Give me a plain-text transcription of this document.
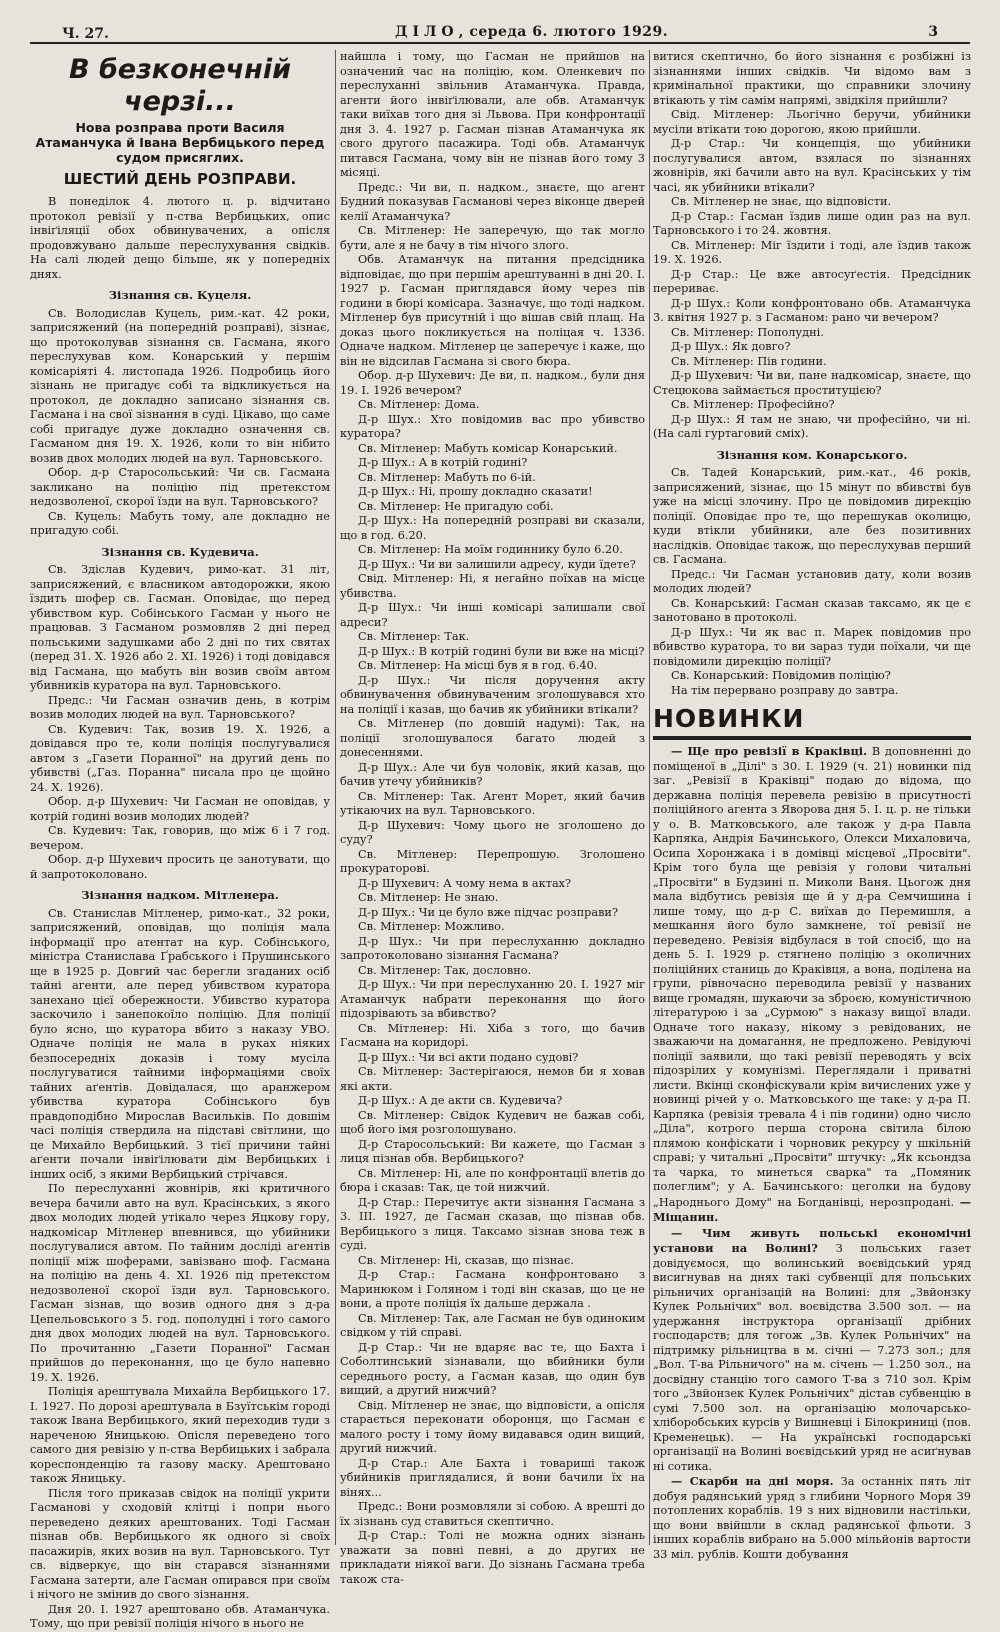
Ч. 27.	ДІЛО, середа 6. лютого 1929.	3
В безконечній черзі...
Нова розправа проти Василя Атаманчука й Івана Вербицького перед судом присяглих.
ШЕСТИЙ ДЕНЬ РОЗПРАВИ.

В понеділок 4. лютого ц. р. відчитано протокол ревізії у п-ства Вербицьких, опис інвіґіляції обох обвинувачених, а опісля продовжувано дальше переслухування свідків. На салі людей дещо більше, як у попередніх днях.

Зізнання св. Куцеля.

Св. Володислав Куцель, рим.-кат. 42 роки, заприсяжений (на попередній розправі), зізнає, що протоколував зізнання св. Гасмана, якого переслухував ком. Конарський у першім комісаріяті 4. листопада 1926. Подробиць його зізнань не пригадує собі та відкликується на протокол, де докладно записано зізнання св. Гасмана і на свої зізнання в суді. Цікаво, що саме собі пригадує дуже докладно означення св. Гасманом дня 19. X. 1926, коли то він нібито возив двох молодих людей на вул. Тарновського.

Обор. д-р Старосольський: Чи св. Гасмана закликано на поліцію під претекстом недозволеної, скорої їзди на вул. Тарновського?

Св. Куцель: Мабуть тому, але докладно не пригадую собі.

Зізнання св. Кудевича.

Св. Здіслав Кудевич, римо-кат. 31 літ, заприсяжений, є власником автодорожки, якою їздить шофер св. Гасман. Оповідає, що перед убивством кур. Собінського Гасман у нього не працював. З Гасманом розмовляв 2 дні перед польськими задушками або 2 дні по тих святах (перед 31. X. 1926 або 2. XI. 1926) і тоді довідався від Гасмана, що мабуть він возив своїм автом убивників куратора на вул. Тарновського.

Предс.: Чи Гасман означив день, в котрім возив молодих людей на вул. Тарновського?

Св. Кудевич: Так, возив 19. X. 1926, а довідався про те, коли поліція послугувалися автом з „Газети Поранної" на другий день по убивстві („Газ. Поранна" писала про це щойно 24. X. 1926).

Обор. д-р Шухевич: Чи Гасман не оповідав, у котрій годині возив молодих людей?

Св. Кудевич: Так, говорив, що між 6 і 7 год. вечером.

Обор. д-р Шухевич просить це занотувати, що й запротоколовано.

Зізнання надком. Мітленера.

Св. Станислав Мітленер, римо-кат., 32 роки, заприсяжений, оповідав, що поліція мала інформації про атентат на кур. Собінського, міністра Станислава Ґрабського і Прушинського ще в 1925 р. Довгий час берегли згаданих осіб тайні агенти, але перед убивством куратора занехано цієї обережности. Убивство куратора заскочило і занепокоїло поліцію. Для поліції було ясно, що куратора вбито з наказу УВО. Одначе поліція не мала в руках ніяких безпосередніх доказів і тому мусіла послугуватися тайними інформаціями своїх тайних аґентів. Довідалася, що аранжером убивства куратора Собінського був правдоподібно Мирослав Васильків. По довшім часі поліція ствердила на підставі світлини, що це Михайло Вербицький. З тієї причини тайні аґенти почали інвіґілювати дім Вербицьких і інших осіб, з якими Вербицький стрічався.

По переслуханні жовнірів, які критичного вечера бачили авто на вул. Красінських, з якого двох молодих людей утікало через Яцкову гору, надкомісар Мітленер впевнився, що убийники послугувалися автом. По тайним досліді агентів поліції між шоферами, завізвано шоф. Гасмана на поліцію на день 4. XI. 1926 під претекстом недозволеної скорої їзди вул. Тарновського. Гасман зізнав, що возив одного дня з д-ра Цепельовського з 5. год. пополудні і того самого дня двох молодих людей на вул. Тарновського. По прочитанню „Газети Поранної" Гасман прийшов до переконання, що це було напевно 19. X. 1926.

Поліція арештувала Михайла Вербицького 17. I. 1927. По дорозі арештувала в Бзуїтськім городі також Івана Вербицького, який переходив туди з нареченою Яницькою. Опісля переведено того самого дня ревізію у п-ства Вербицьких і забрала кореспонденцію та газову маску. Арештовано також Яницьку.

Після того приказав свідок на поліції укрити Гасманові у сходовій клітці і попри нього переведено деяких арештованих. Тоді Гасман пізнав обв. Вербицького як одного зі своїх пасажирів, яких возив на вул. Тарновського. Тут св. відверкує, що він старався зізнаннями Гасмана затерти, але Гасман опирався при своїм і нічого не змінив до свого зізнання.

Дня 20. I. 1927 арештовано обв. Атаманчука. Тому, що при ревізії поліція нічого в нього не

найшла і тому, що Гасман не прийшов на означений час на поліцію, ком. Оленкевич по переслуханні звільнив Атаманчука. Правда, агенти його інвіґілювали, але обв. Атаманчук таки виїхав того дня зі Львова. При конфронтації дня 3. 4. 1927 р. Гасман пізнав Атаманчука як свого другого пасажира. Тоді обв. Атаманчук питався Гасмана, чому він не пізнав його тому 3 місяці.

Предс.: Чи ви, п. надком., знаєте, що агент Будний показував Гасманові через віконце дверей келії Атаманчука?

Св. Мітленер: Не заперечую, що так могло бути, але я не бачу в тім нічого злого.

Обв. Атаманчук на питання предсідника відповідає, що при першім арештуванні в дні 20. I. 1927 р. Гасман приглядався йому через пів години в бюрі комісара. Зазначує, що тоді надком. Мітленер був присутній і що вішав свій плащ. На доказ цього покликується на поліцая ч. 1336. Одначе надком. Мітленер це заперечує і каже, що він не відсилав Гасмана зі свого бюра.

Обор. д-р Шухевич: Де ви, п. надком., були дня 19. I. 1926 вечером?

Св. Мітленер: Дома.

Д-р Шух.: Хто повідомив вас про убивство куратора?

Св. Мітленер: Мабуть комісар Конарський.

Д-р Шух.: А в котрій годині?

Св. Мітленер: Мабуть по 6-ій.

Д-р Шух.: Ні, прошу докладно сказати!

Св. Мітленер: Не пригадую собі.

Д-р Шух.: На попередній розправі ви сказали, що в год. 6.20.

Св. Мітленер: На моїм годиннику було 6.20.

Д-р Шух.: Чи ви залишили адресу, куди їдете?

Свід. Мітленер: Ні, я негайно поїхав на місце убивства.

Д-р Шух.: Чи інші комісарі залишали свої адреси?

Св. Мітленер: Так.

Д-р Шух.: В котрій годині були ви вже на місці?

Св. Мітленер: На місці був я в год. 6.40.

Д-р Шух.: Чи після доручення акту обвинувачення обвинуваченим зголошувався хто на поліції і казав, що бачив як убийники втікали?

Св. Мітленер (по довшій надумі): Так, на поліції зголошувалося багато людей з донесеннями.

Д-р Шух.: Але чи був чоловік, який казав, що бачив утечу убийників?

Св. Мітленер: Так. Агент Морет, який бачив утікаючих на вул. Тарновського.

Д-р Шухевич: Чому цього не зголошено до суду?

Св. Мітленер: Перепрошую. Зголошено прокураторові.

Д-р Шухевич: А чому нема в актах?

Св. Мітленер: Не знаю.

Д-р Шух.: Чи це було вже підчас розправи?

Св. Мітленер: Можливо.

Д-р Шух.: Чи при переслуханню докладно запротоколовано зізнання Гасмана?

Св. Мітленер: Так, дословно.

Д-р Шух.: Чи при переслуханню 20. I. 1927 міг Атаманчук набрати переконання що його підозрівають за вбивство?

Св. Мітленер: Ні. Хіба з того, що бачив Гасмана на коридорі.

Д-р Шух.: Чи всі акти подано судові?

Св. Мітленер: Застерігаюся, немов би я ховав які акти.

Д-р Шух.: А де акти св. Кудевича?

Св. Мітленер: Свідок Кудевич не бажав собі, щоб його імя розголошувано.

Д-р Старосольський: Ви кажете, що Гасман з лиця пізнав обв. Вербицького?

Св. Мітленер: Ні, але по конфронтації влетів до бюра і сказав: Так, це той нижчий.

Д-р Стар.: Перечитує акти зізнання Гасмана з 3. III. 1927, де Гасман сказав, що пізнав обв. Вербицького з лиця. Таксамо зізнав знова теж в суді.

Св. Мітленер: Ні, сказав, що пізнає.

Д-р Стар.: Гасмана конфронтовано з Маринюком і Голяном і тоді він сказав, що це не вони, а проте поліція їх дальше держала .

Св. Мітленер: Так, але Гасман не був одиноким свідком у тій справі.

Д-р Стар.: Чи не вдаряє вас те, що Бахта і Соболтинський зізнавали, що вбийники були середнього росту, а Гасман казав, що один був вищий, а другий нижчий?

Свід. Мітленер не знає, що відповісти, а опісля старається переконати оборонця, що Гасман є малого росту і тому йому видавався один вищий, другий нижчий.

Д-р Стар.: Але Бахта і товариші також убийників приглядалися, й вони бачили їх на вінях...

Предс.: Вони розмовляли зі собою. А врешті до їх зізнань суд ставиться скептично.

Д-р Стар.: Толі не можна одних зізнань уважати за повні певні, а до других не прикладати ніякої ваги. До зізнань Гасмана треба також ста-

витися скептично, бо його зізнання є розбіжні із зізнаннями інших свідків. Чи відомо вам з кримінальної практики, що справники злочину втікають у тім самім напрямі, звідкіля прийшли?

Свід. Мітленер: Льогічно беручи, убийники мусіли втікати тою дорогою, якою прийшли.

Д-р Стар.: Чи концепція, що убийники послугувалися автом, взялася по зізнаннях жовнірів, які бачили авто на вул. Красінських у тім часі, як убийники втікали?

Св. Мітленер не знає, що відповісти.

Д-р Стар.: Гасман їздив лише один раз на вул. Тарновського і то 24. жовтня.

Св. Мітленер: Міг їздити і тоді, але їздив також 19. X. 1926.

Д-р Стар.: Це вже автосуґестія. Предсідник перериває.

Д-р Шух.: Коли конфронтовано обв. Атаманчука 3. квітня 1927 р. з Гасманом: рано чи вечером?

Св. Мітленер: Пополудні.

Д-р Шух.: Як довго?

Св. Мітленер: Пів години.

Д-р Шухевич: Чи ви, пане надкомісар, знаєте, що Стецюкова займається проституцією?

Св. Мітленер: Професійно?

Д-р Шух.: Я там не знаю, чи професійно, чи ні. (На салі гуртаговий сміх).

Зізнання ком. Конарського.

Св. Тадей Конарський, рим.-кат., 46 років, заприсяжений, зізнає, що 15 мінут по вбивстві був уже на місці злочину. Про це повідомив дирекцію поліції. Оповідає про те, що перешукав околицю, куди втікли убийники, але без позитивних наслідків. Оповідає також, що переслухував перший св. Гасмана.

Предс.: Чи Гасман установив дату, коли возив молодих людей?

Св. Конарський: Гасман сказав таксамо, як це є занотовано в протоколі.

Д-р Шух.: Чи як вас п. Марек повідомив про вбивство куратора, то ви зараз туди поїхали, чи ще повідомили дирекцію поліції?

Св. Конарський: Повідомив поліцію?

На тім перервано розправу до завтра.

НОВИНКИ

— Ще про ревізії в Краківці. В доповненні до поміщеної в „Ділі" з 30. I. 1929 (ч. 21) новинки під заг. „Ревізії в Краківці" подаю до відома, що державна поліція перевела ревізію в присутності поліційного агента з Яворова дня 5. I. ц. р. не тільки у о. В. Матковського, але також у д-ра Павла Карпяка, Андрія Бачинського, Олекси Михаловича, Осипа Хоронжака і в домівці місцевої „Просвіти". Крім того була ще ревізія у голови читальні „Просвіти" в Будзині п. Миколи Ваня. Цьогож дня мала відбутись ревізія ще й у д-ра Семчишина і лише тому, що д-р С. виїхав до Перемишля, а мешкання його було замкнене, тої ревізії не переведено. Ревізія відбулася в той спосіб, що на день 5. I. 1929 р. стягнено поліцію з околичних поліційних станиць до Краківця, а вона, поділена на групи, рівночасно переводила ревізії у названих вище громадян, шукаючи за зброєю, комуністичною літературою і за „Сурмою" з наказу вищої влади. Одначе того наказу, нікому з ревідованих, не зважаючи на домагання, не предложено. Ревідуючі поліції заявили, що такі ревізії переводять у всіх підозрілих у комунізмі. Переглядали і приватні листи. Вкінці сконфіскували крім вичислених уже у новинці річей у о. Матковського ще таке: у д-ра П. Карпяка (ревізія тревала 4 і пів години) одно число „Діла", котрого перша сторона світила білою плямою конфіскати і чорновик рекурсу у шкільній справі; у читальні „Просвіти" штучку: „Як ксьондза та чарка, то минеться сварка" та „Помяник полеглим"; у А. Бачинського: цеголки на будову „Народнього Дому" на Богданівці, нерозпродані. — Міщанин.

— Чим живуть польські економічні установи на Волині? З польських газет довідуємося, що волинський воєвідський уряд висигнував на днях такі субвенції для польських рільничих організацій на Волині: для „Звйонзку Кулек Рольнічих" вол. воєвідства 3.500 зол. — на удержання інструктора організації дрібних господарств; для тогож „Зв. Кулек Рольнічих" на підтримку рільництва в м. січні — 7.273 зол.; для „Вол. Т-ва Рільничого" на м. січень — 1.250 зол., на досвідну станцію того самого Т-ва з 710 зол. Крім того „Звйонзек Кулек Рольнічих" дістав субвенцію в сумі 7.500 зол. на організацію молочарсько-хліборобських курсів у Вишневці і Білокриниці (пов. Кременецьк). — На українські господарські організації на Волині воєвідський уряд не асиґнував ні сотика.

— Скарби на дні моря. За останніх пять літ добуя радянський уряд з глибини Чорного Моря 39 потоплених кораблів. 19 з них відновили настільки, що вони ввійшли в склад радянської фльоти. З інших кораблів вибрано на 5.000 мільйонів вартости 33 міл. рублів. Кошти добування
